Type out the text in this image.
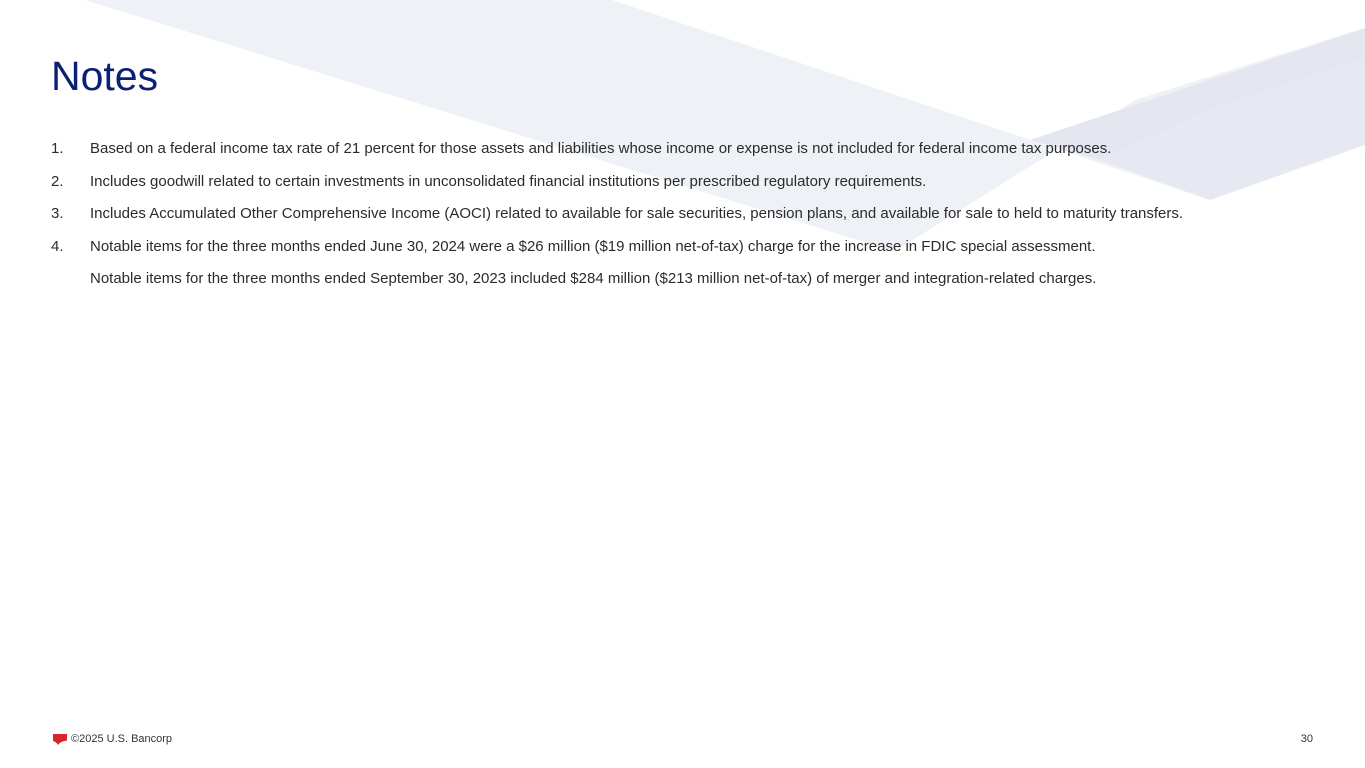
Notes
1. Based on a federal income tax rate of 21 percent for those assets and liabilities whose income or expense is not included for federal income tax purposes.
2. Includes goodwill related to certain investments in unconsolidated financial institutions per prescribed regulatory requirements.
3. Includes Accumulated Other Comprehensive Income (AOCI) related to available for sale securities, pension plans, and available for sale to held to maturity transfers.
4. Notable items for the three months ended June 30, 2024 were a $26 million ($19 million net-of-tax) charge for the increase in FDIC special assessment.
Notable items for the three months ended September 30, 2023 included $284 million ($213 million net-of-tax) of merger and integration-related charges.
©2025 U.S. Bancorp	30
